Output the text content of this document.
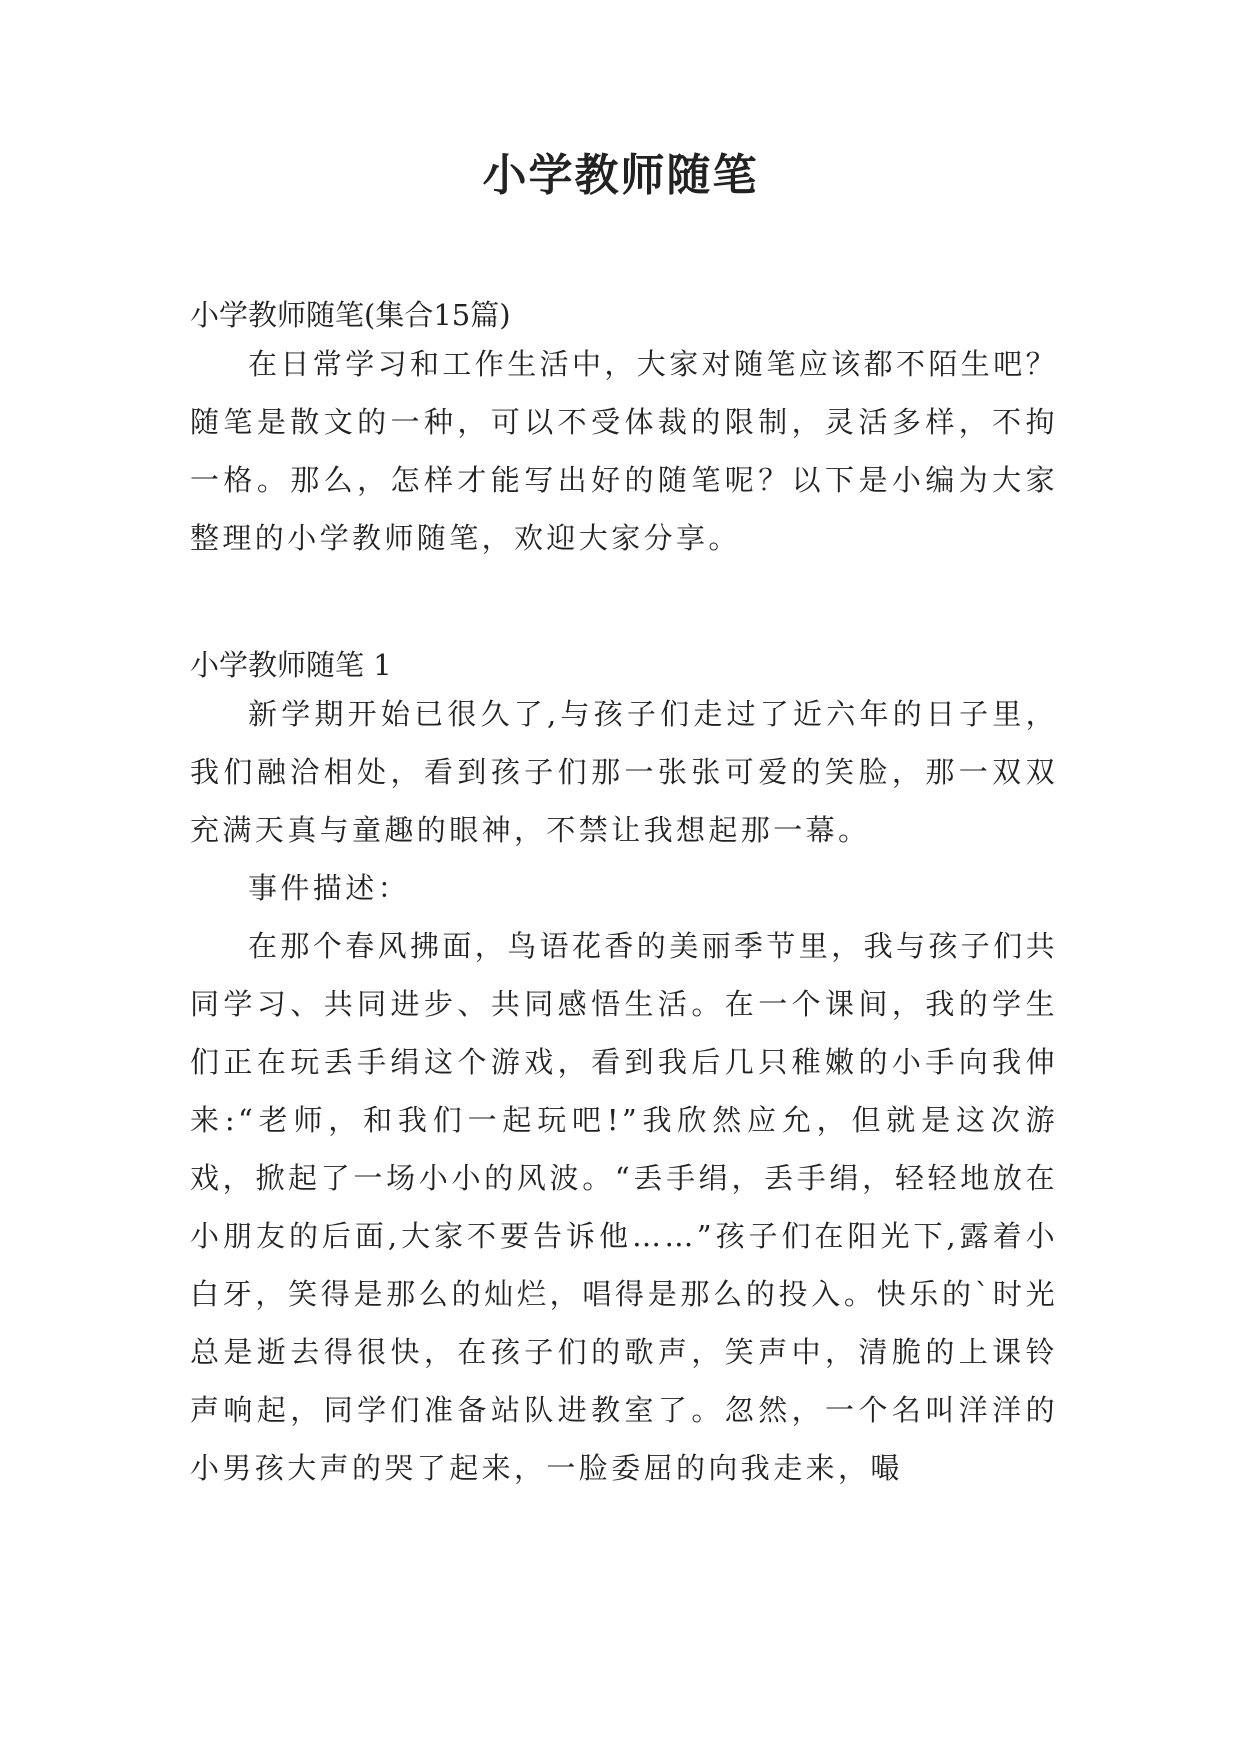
小学教师随笔
小学教师随笔(集合15篇)

在日常学习和工作生活中，大家对随笔应该都不陌生吧？随笔是散文的一种，可以不受体裁的限制，灵活多样，不拘一格。那么，怎样才能写出好的随笔呢？以下是小编为大家整理的小学教师随笔，欢迎大家分享。

小学教师随笔 1

新学期开始已很久了,与孩子们走过了近六年的日子里，我们融洽相处，看到孩子们那一张张可爱的笑脸，那一双双充满天真与童趣的眼神，不禁让我想起那一幕。

事件描述：

在那个春风拂面，鸟语花香的美丽季节里，我与孩子们共同学习、共同进步、共同感悟生活。在一个课间，我的学生们正在玩丢手绢这个游戏，看到我后几只稚嫩的小手向我伸来:“老师，和我们一起玩吧!”我欣然应允，但就是这次游戏，掀起了一场小小的风波。“丢手绢，丢手绢，轻轻地放在小朋友的后面,大家不要告诉他……”孩子们在阳光下,露着小白牙，笑得是那么的灿烂，唱得是那么的投入。快乐的`时光总是逝去得很快，在孩子们的歌声，笑声中，清脆的上课铃声响起，同学们准备站队进教室了。忽然，一个名叫洋洋的小男孩大声的哭了起来，一脸委屈的向我走来，嘬
